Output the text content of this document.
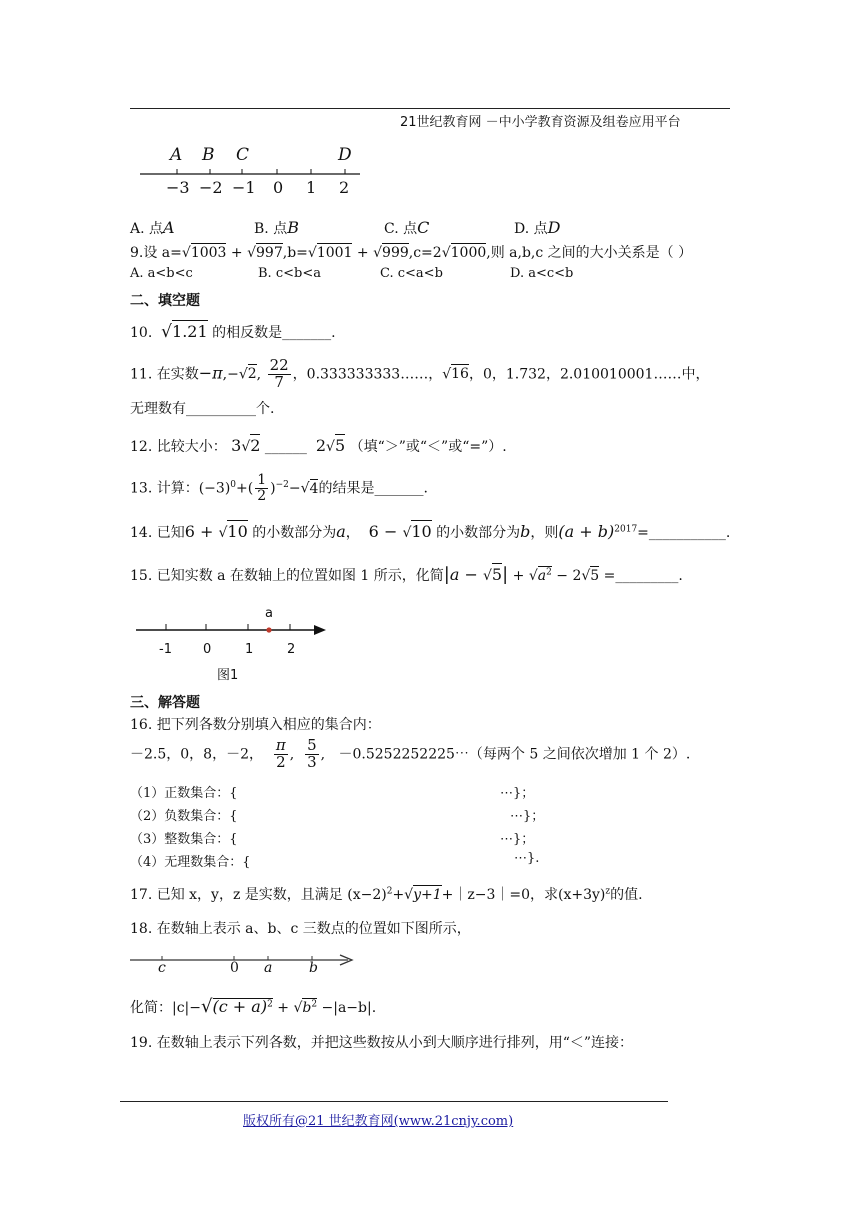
21世纪教育网 －中小学教育资源及组卷应用平台
A B C	D
−3 −2 −1 0 1 2
A. 点A	B. 点B	C. 点C	D. 点D
9.设 a=√1003 + √997,b=√1001 + √999,c=2√1000,则 a,b,c 之间的大小关系是（ ）
A. a<b<c	B. c<b<a	C. c<a<b	D. a<c<b
二、填空题
10. √1.21 的相反数是_______.
11. 在实数−π,−√2, $\frac{22}{7}$ ，0.333333333……，√16，0，1.732，2.010010001……中，
无理数有__________个.
12. 比较大小： 3√2 ______ 2√5 （填“＞”或“＜”或“=”）.
13. 计算：$(-3)^0+( \frac{1}{2} )^{-2}-√4$的结果是_______.
14. 已知6 + √10 的小数部分为a， 6 − √10 的小数部分为b，则$(a + b)^{2017}=\_\_\_\_\_\_\_\_\_\_\_$.
15. 已知实数 a 在数轴上的位置如图 1 所示，化简$|a - √5| + √a^2 - 2√5$ =_________.
a
-1 0	1	2
图1
三、解答题
16. 把下列各数分别填入相应的集合内：
－2.5，0，8，－2， $\frac{\pi}{2}$ , $\frac{5}{3}$ ,   －0.5252252225⋯（每两个 5 之间依次增加 1 个 2）.
（1）正数集合：{	⋯}；
（2）负数集合：{	⋯}；
（3）整数集合：{	⋯}；
（4）无理数集合：{	⋯}.
17. 已知 x，y，z 是实数，且满足 $(x-2)^2+√y+1+|z-3|=0$，求$(x+3y)^z$的值.
18. 在数轴上表示 a、b、c 三数点的位置如下图所示，
c	0 a	b
化简：$|c|-√(c + a)^2 + √b^2 -|a-b|$.
19. 在数轴上表示下列各数，并把这些数按从小到大顺序进行排列，用“＜”连接：
版权所有@21 世纪教育网(www.21cnjy.com)
